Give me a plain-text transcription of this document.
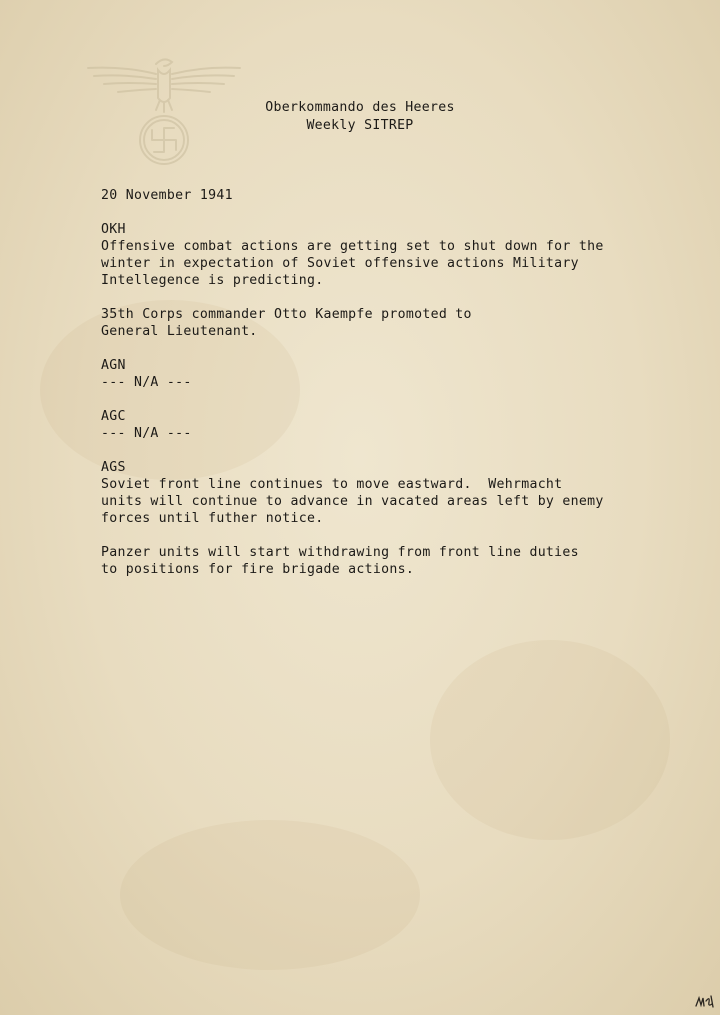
Oberkommando des Heeres
Weekly SITREP

20 November 1941

OKH

Offensive combat actions are getting set to shut down for the

winter in expectation of Soviet offensive actions Military

Intellegence is predicting.

35th Corps commander Otto Kaempfe promoted to

General Lieutenant.

AGN

--- N/A ---

AGC

--- N/A ---

AGS

Soviet front line continues to move eastward.  Wehrmacht

units will continue to advance in vacated areas left by enemy

forces until futher notice.

Panzer units will start withdrawing from front line duties

to positions for fire brigade actions.
